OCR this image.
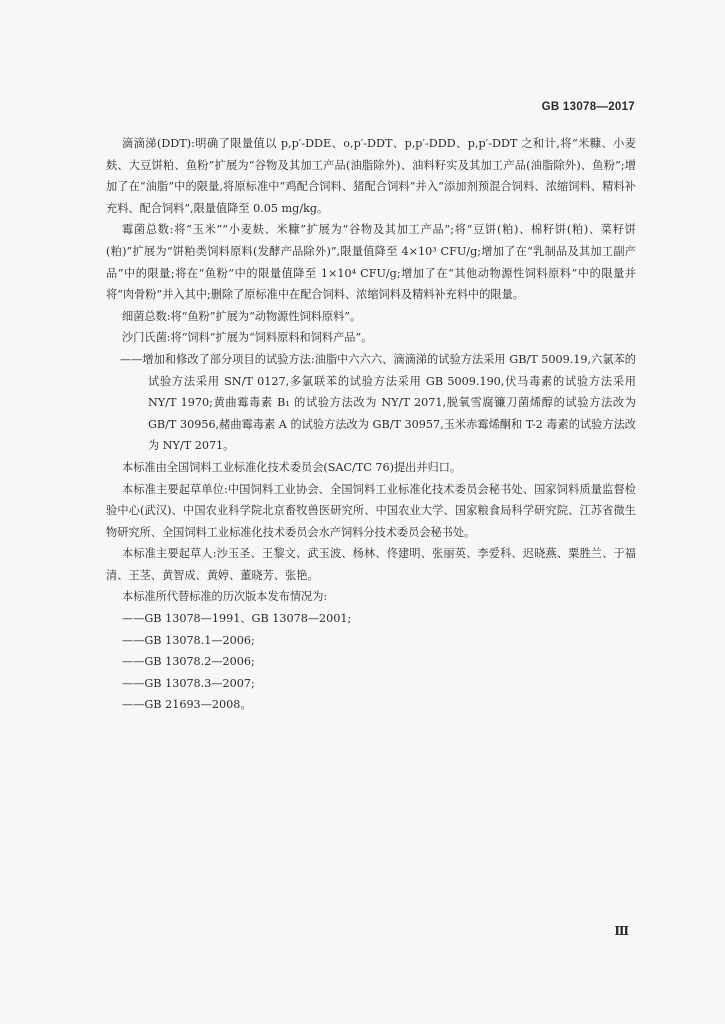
GB 13078—2017

滴滴涕(DDT):明确了限量值以 p,p′-DDE、o,p′-DDT、p,p′-DDD、p,p′-DDT 之和计,将“米糠、小麦麸、大豆饼粕、鱼粉”扩展为“谷物及其加工产品(油脂除外)、油料籽实及其加工产品(油脂除外)、鱼粉”;增加了在“油脂”中的限量,将原标准中“鸡配合饲料、猪配合饲料”并入“添加剂预混合饲料、浓缩饲料、精料补充料、配合饲料”,限量值降至 0.05 mg/kg。

霉菌总数:将“玉米”“小麦麸、米糠”扩展为“谷物及其加工产品”;将“豆饼(粕)、棉籽饼(粕)、菜籽饼(粕)”扩展为“饼粕类饲料原料(发酵产品除外)”,限量值降至 4×10³ CFU/g;增加了在“乳制品及其加工副产品”中的限量;将在“鱼粉”中的限量值降至 1×10⁴ CFU/g;增加了在“其他动物源性饲料原料”中的限量并将“肉骨粉”并入其中;删除了原标准中在配合饲料、浓缩饲料及精料补充料中的限量。

细菌总数:将“鱼粉”扩展为“动物源性饲料原料”。

沙门氏菌:将“饲料”扩展为“饲料原料和饲料产品”。

——增加和修改了部分项目的试验方法:油脂中六六六、滴滴涕的试验方法采用 GB/T 5009.19,六氯苯的试验方法采用 SN/T 0127,多氯联苯的试验方法采用 GB 5009.190,伏马毒素的试验方法采用 NY/T 1970;黄曲霉毒素 B₁ 的试验方法改为 NY/T 2071,脱氧雪腐镰刀菌烯醇的试验方法改为 GB/T 30956,赭曲霉毒素 A 的试验方法改为 GB/T 30957,玉米赤霉烯酮和 T-2 毒素的试验方法改为 NY/T 2071。

本标准由全国饲料工业标准化技术委员会(SAC/TC 76)提出并归口。

本标准主要起草单位:中国饲料工业协会、全国饲料工业标准化技术委员会秘书处、国家饲料质量监督检验中心(武汉)、中国农业科学院北京畜牧兽医研究所、中国农业大学、国家粮食局科学研究院、江苏省微生物研究所、全国饲料工业标准化技术委员会水产饲料分技术委员会秘书处。

本标准主要起草人:沙玉圣、王黎文、武玉波、杨林、佟建明、张丽英、李爱科、迟晓燕、粟胜兰、于福清、王茎、黄智成、黄婷、董晓芳、张艳。

本标准所代替标准的历次版本发布情况为:

——GB 13078—1991、GB 13078—2001;

——GB 13078.1—2006;

——GB 13078.2—2006;

——GB 13078.3—2007;

——GB 21693—2008。

Ⅲ
